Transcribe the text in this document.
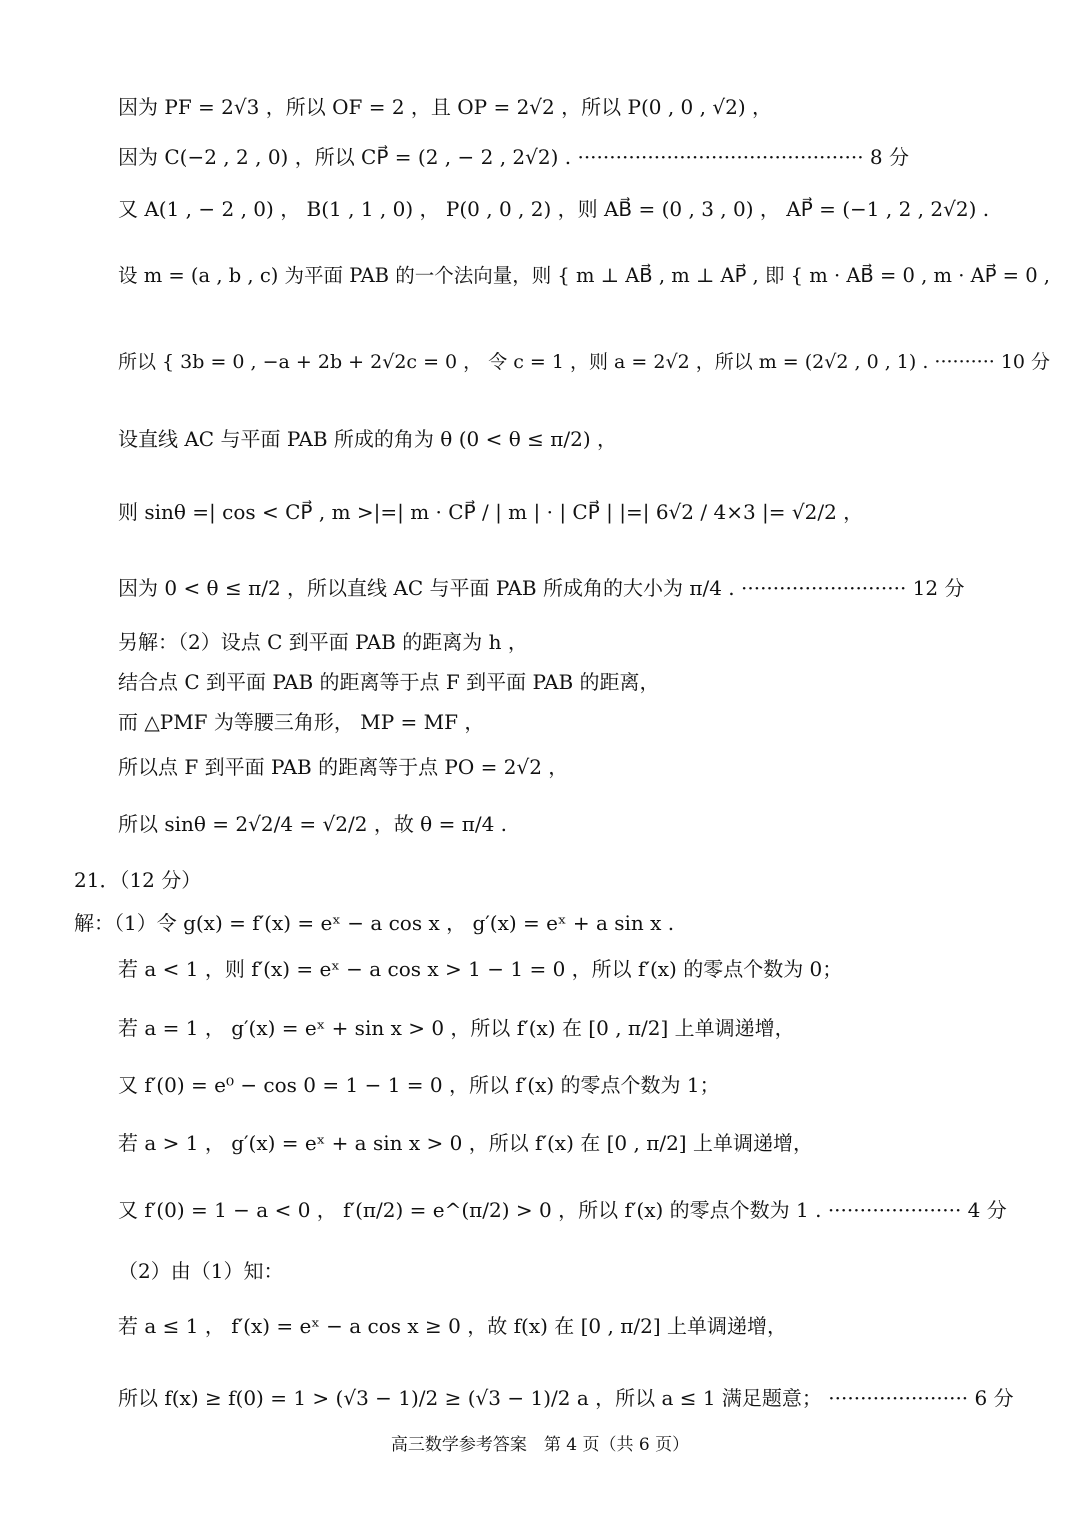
因为 PF = 2√3 ，所以 OF = 2 ，且 OP = 2√2 ，所以 P(0 , 0 , √2) ，
因为 C(−2 , 2 , 0) ，所以 CP⃗ = (2 , − 2 , 2√2) . ············································· 8 分
又 A(1 , − 2 , 0) ， B(1 , 1 , 0) ， P(0 , 0 , 2) ，则 AB⃗ = (0 , 3 , 0) ， AP⃗ = (−1 , 2 , 2√2) .
设 m = (a , b , c) 为平面 PAB 的一个法向量，则 { m ⊥ AB⃗ , m ⊥ AP⃗ , 即 { m · AB⃗ = 0 , m · AP⃗ = 0 ,
所以 { 3b = 0 , −a + 2b + 2√2c = 0 ， 令 c = 1 ，则 a = 2√2 ，所以 m = (2√2 , 0 , 1) . ·········· 10 分
设直线 AC 与平面 PAB 所成的角为 θ (0 < θ ≤ π/2) ，
则 sinθ =| cos < CP⃗ , m >|=| m · CP⃗ / | m | · | CP⃗ | |=| 6√2 / 4×3 |= √2/2 ，
因为 0 < θ ≤ π/2 ，所以直线 AC 与平面 PAB 所成角的大小为 π/4 . ·························· 12 分
另解：（2）设点 C 到平面 PAB 的距离为 h ，
结合点 C 到平面 PAB 的距离等于点 F 到平面 PAB 的距离，
而 △PMF 为等腰三角形， MP = MF ，
所以点 F 到平面 PAB 的距离等于点 PO = 2√2 ，
所以 sinθ = 2√2/4 = √2/2 ，故 θ = π/4 .
21．（12 分）
解：（1）令 g(x) = f′(x) = eˣ − a cos x ， g′(x) = eˣ + a sin x .
若 a < 1 ，则 f′(x) = eˣ − a cos x > 1 − 1 = 0 ，所以 f′(x) 的零点个数为 0；
若 a = 1 ， g′(x) = eˣ + sin x > 0 ，所以 f′(x) 在 [0 , π/2] 上单调递增，
又 f′(0) = e⁰ − cos 0 = 1 − 1 = 0 ，所以 f′(x) 的零点个数为 1；
若 a > 1 ， g′(x) = eˣ + a sin x > 0 ，所以 f′(x) 在 [0 , π/2] 上单调递增，
又 f′(0) = 1 − a < 0 ， f′(π/2) = e^(π/2) > 0 ，所以 f′(x) 的零点个数为 1 . ····················· 4 分
（2）由（1）知：
若 a ≤ 1 ， f′(x) = eˣ − a cos x ≥ 0 ，故 f(x) 在 [0 , π/2] 上单调递增，
所以 f(x) ≥ f(0) = 1 > (√3 − 1)/2 ≥ (√3 − 1)/2 a ，所以 a ≤ 1 满足题意； ······················ 6 分
高三数学参考答案　第 4 页（共 6 页）
